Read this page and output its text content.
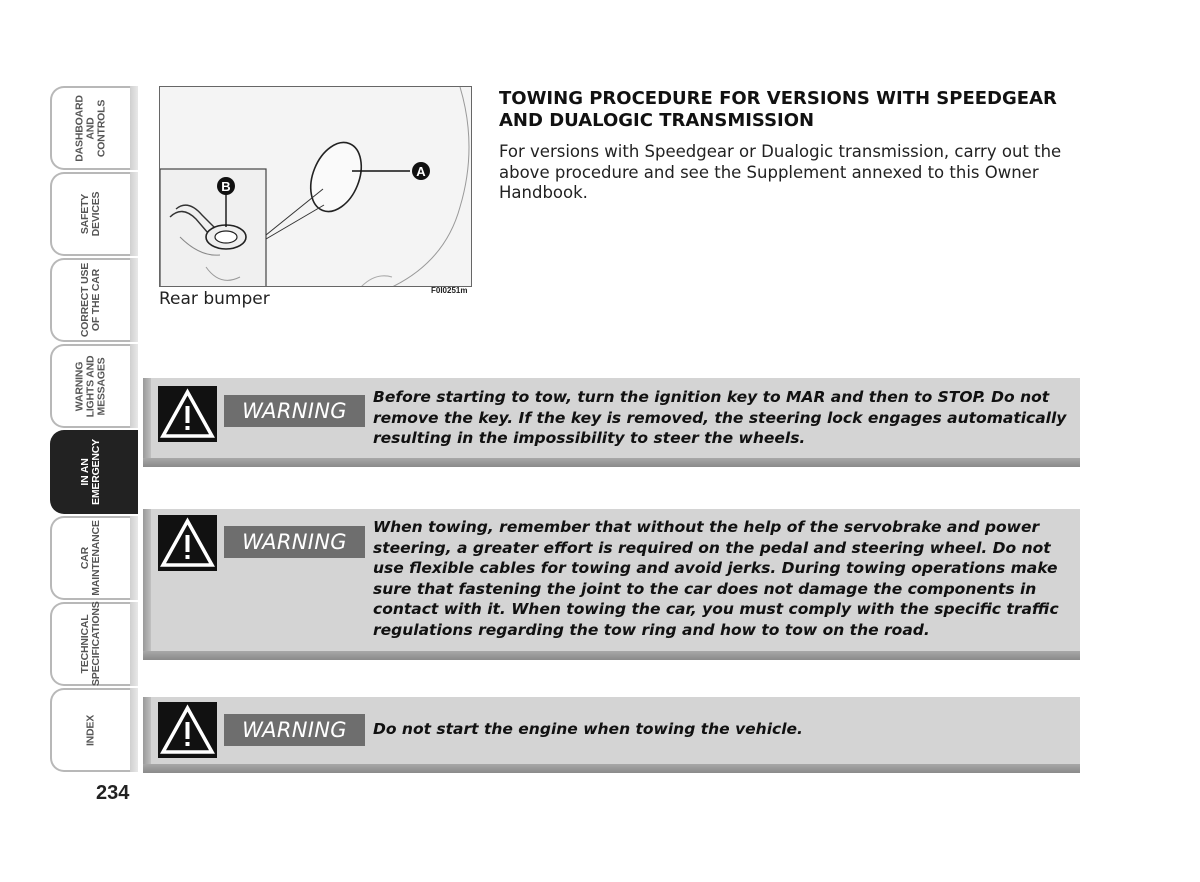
DASHBOARD
AND
CONTROLS
SAFETY
DEVICES
CORRECT USE
OF THE CAR
WARNING
LIGHTS AND
MESSAGES
IN AN
EMERGENCY
CAR
MAINTENANCE
TECHNICAL
SPECIFICATIONS
INDEX
234
A
B
F0I0251m
Rear bumper
TOWING PROCEDURE FOR VERSIONS WITH SPEEDGEAR AND DUALOGIC TRANSMISSION
For versions with Speedgear or Dualogic transmission, carry out the above procedure and see the Supplement annexed to this Owner Handbook.
WARNING
Before starting to tow, turn the ignition key to MAR and then to STOP. Do not remove the key. If the key is removed, the steering lock engages automatically resulting in the impossibility to steer the wheels.
WARNING
When towing, remember that without the help of the servobrake and power steering, a greater effort is required on the pedal and steering wheel. Do not use flexible cables for towing and avoid jerks. During towing operations make sure that fastening the joint to the car does not damage the components in contact with it. When towing the car, you must comply with the specific traffic regulations regarding the tow ring and how to tow on the road.
WARNING	Do not start the engine when towing the vehicle.
